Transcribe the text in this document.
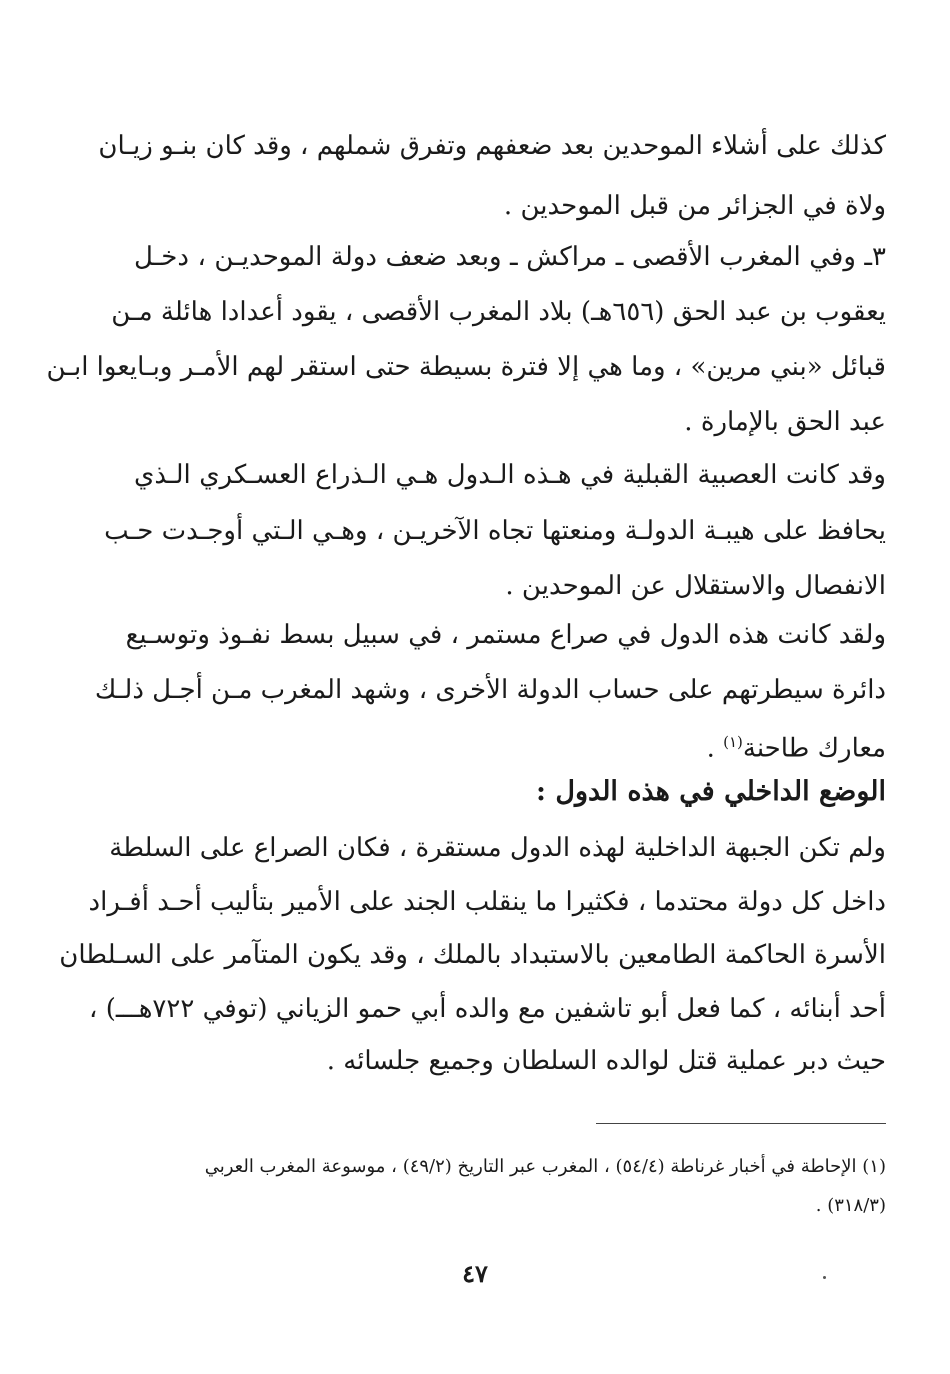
كذلك على أشلاء الموحدين بعد ضعفهم وتفرق شملهم ، وقد كان بنـو زيـان
ولاة في الجزائر من قبل الموحدين .
٣ـ وفي المغرب الأقصى ـ مراكش ـ وبعد ضعف دولة الموحديـن ، دخـل
يعقوب بن عبد الحق (٦٥٦هـ) بلاد المغرب الأقصى ، يقود أعدادا هائلة مـن
قبائل «بني مرين» ، وما هي إلا فترة بسيطة حتى استقر لهم الأمـر وبـايعوا ابـن
عبد الحق بالإمارة .
وقد كانت العصبية القبلية في هـذه الـدول هـي الـذراع العسـكري الـذي
يحافظ على هيبـة الدولـة ومنعتها تجاه الآخريـن ، وهـي الـتي أوجـدت حـب
الانفصال والاستقلال عن الموحدين .
ولقد كانت هذه الدول في صراع مستمر ، في سبيل بسط نفـوذ وتوسـيع
دائرة سيطرتهم على حساب الدولة الأخرى ، وشهد المغرب مـن أجـل ذلـك
معارك طاحنة$^{(١)}$ .
الوضع الداخلي في هذه الدول :
ولم تكن الجبهة الداخلية لهذه الدول مستقرة ، فكان الصراع على السلطة
داخل كل دولة محتدما ، فكثيرا ما ينقلب الجند على الأمير بتأليب أحـد أفـراد
الأسرة الحاكمة الطامعين بالاستبداد بالملك ، وقد يكون المتآمر على السـلطان
أحد أبنائه ، كما فعل أبو تاشفين مع والده أبي حمو الزياني (توفي ٧٢٢هـــ) ،
حيث دبر عملية قتل لوالده السلطان وجميع جلسائه .
(١) الإحاطة في أخبار غرناطة (٥٤/٤) ، المغرب عبر التاريخ (٤٩/٢) ، موسوعة المغرب العربي
(٣١٨/٣) .
٤٧
